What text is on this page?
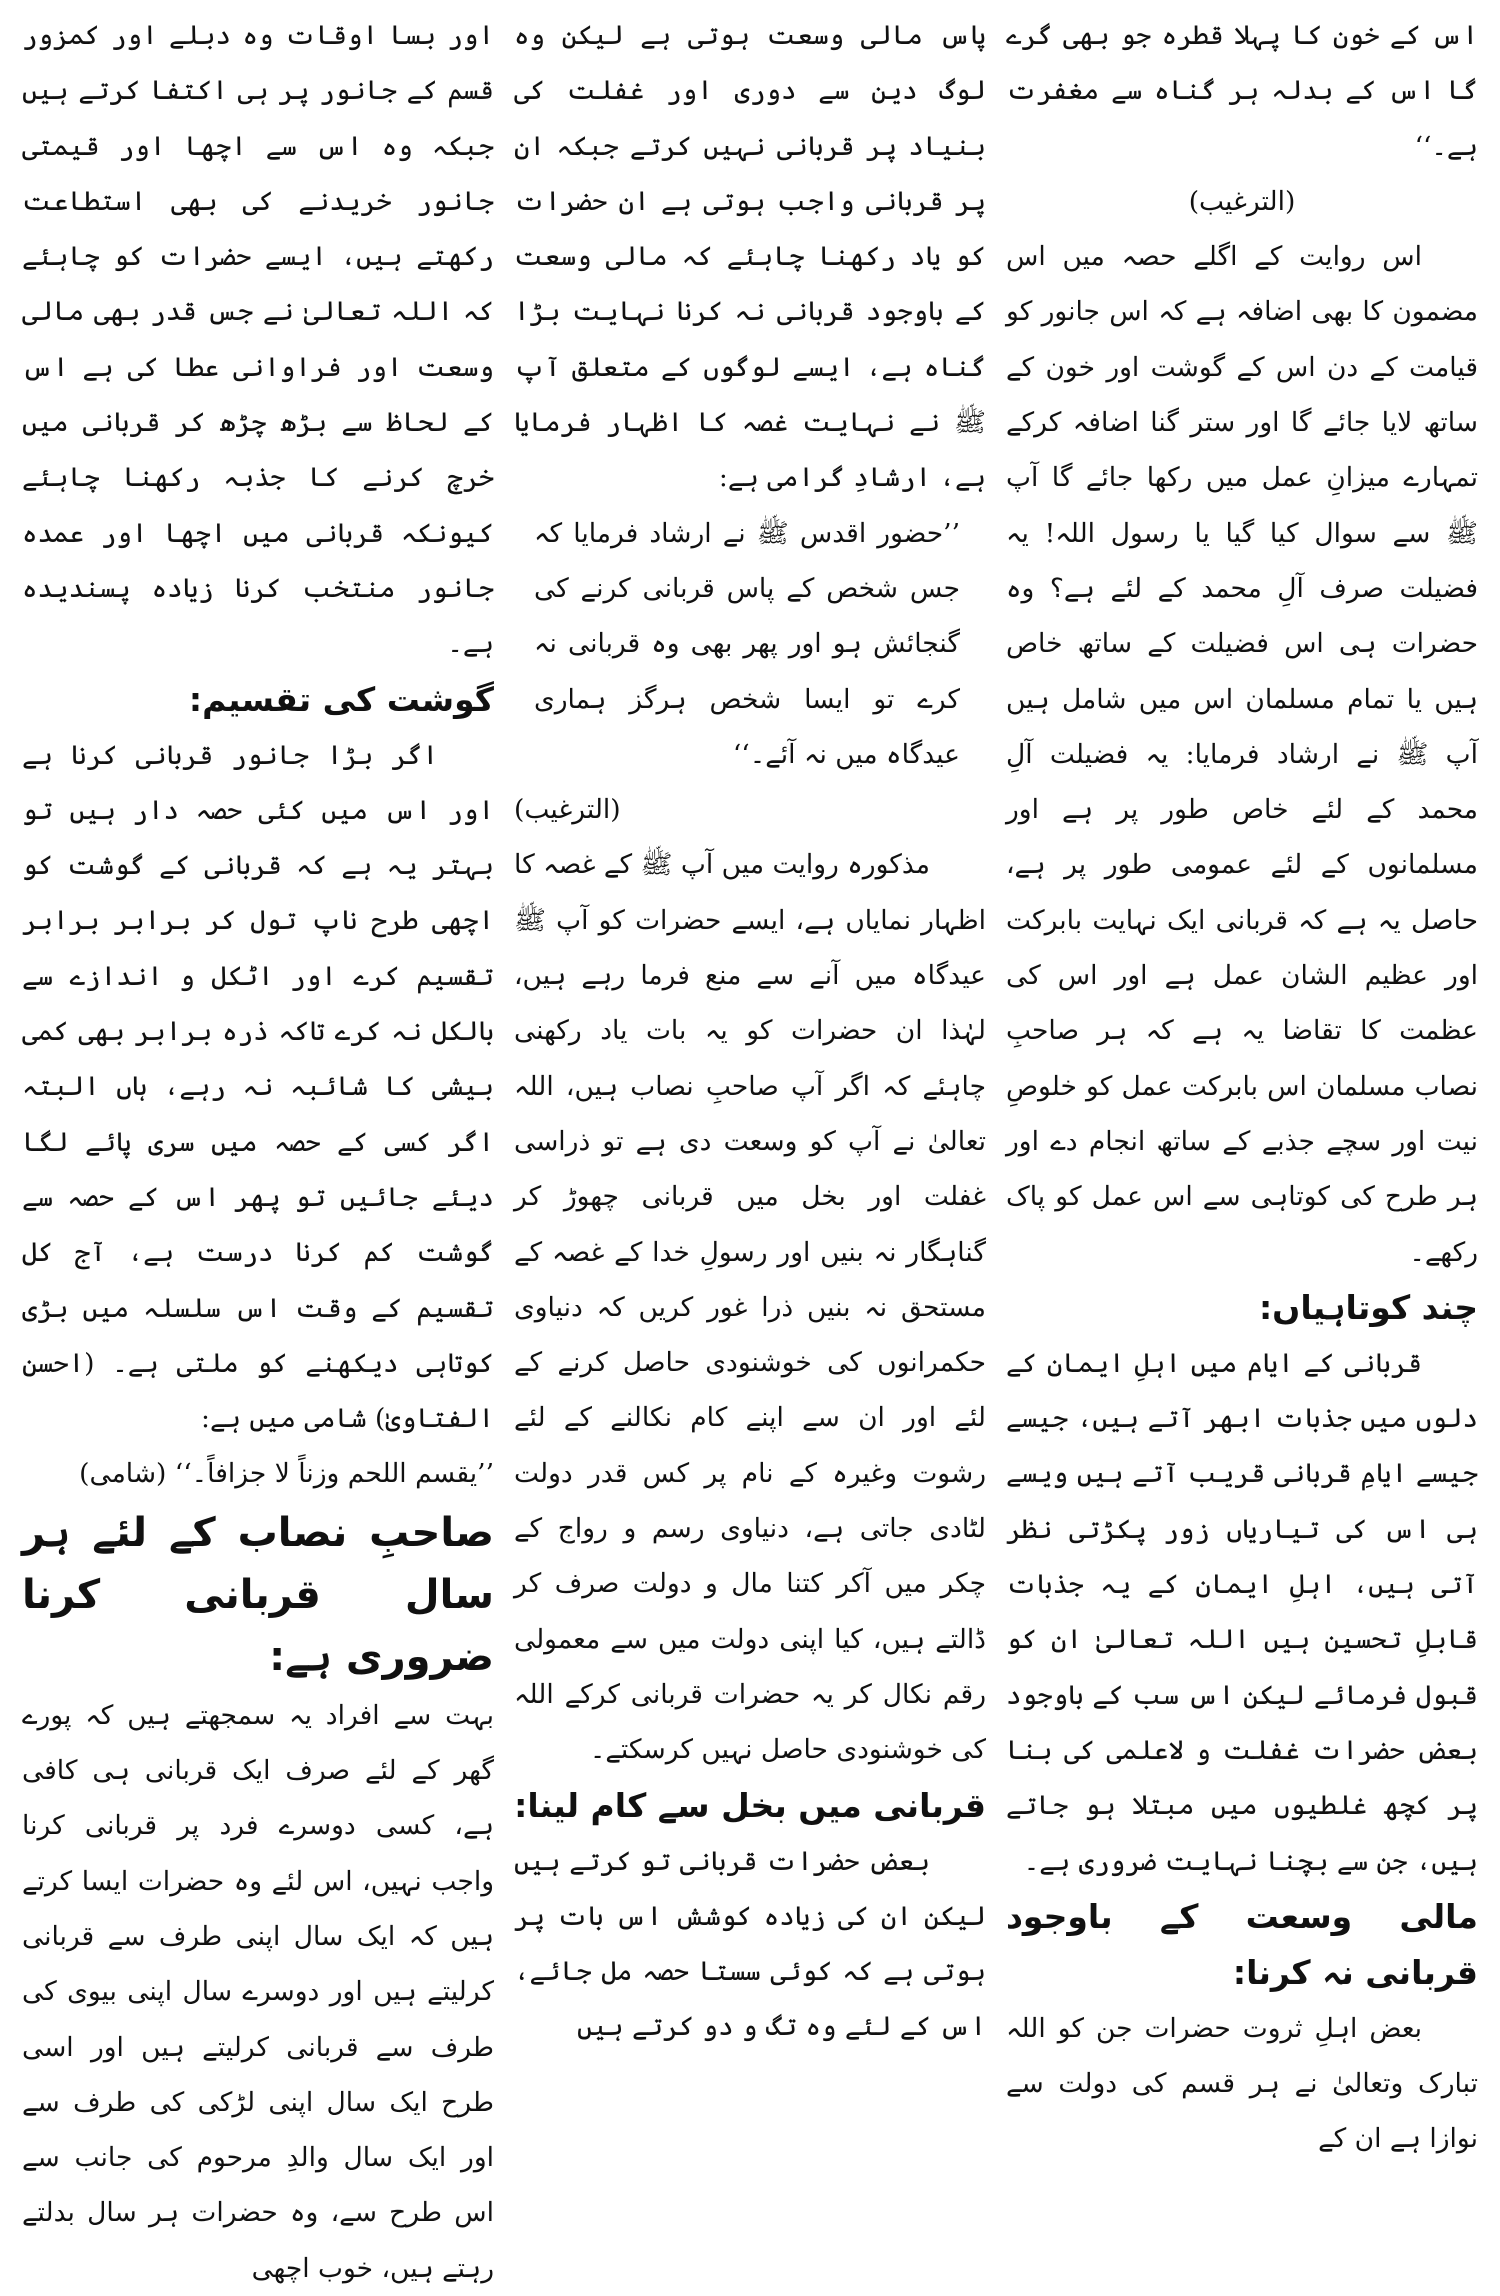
اس کے خون کا پہلا قطرہ جو بھی گرے گا اس کے بدلہ ہر گناہ سے مغفرت ہے۔‘‘

(الترغیب)

اس روایت کے اگلے حصہ میں اس مضمون کا بھی اضافہ ہے کہ اس جانور کو قیامت کے دن اس کے گوشت اور خون کے ساتھ لایا جائے گا اور ستر گنا اضافہ کرکے تمہارے میزانِ عمل میں رکھا جائے گا آپ ﷺ سے سوال کیا گیا یا رسول اللہ! یہ فضیلت صرف آلِ محمد کے لئے ہے؟ وہ حضرات ہی اس فضیلت کے ساتھ خاص ہیں یا تمام مسلمان اس میں شامل ہیں آپ ﷺ نے ارشاد فرمایا: یہ فضیلت آلِ محمد کے لئے خاص طور پر ہے اور مسلمانوں کے لئے عمومی طور پر ہے، حاصل یہ ہے کہ قربانی ایک نہایت بابرکت اور عظیم الشان عمل ہے اور اس کی عظمت کا تقاضا یہ ہے کہ ہر صاحبِ نصاب مسلمان اس بابرکت عمل کو خلوصِ نیت اور سچے جذبے کے ساتھ انجام دے اور ہر طرح کی کوتاہی سے اس عمل کو پاک رکھے۔

چند کوتاہیاں:

قربانی کے ایام میں اہلِ ایمان کے دلوں میں جذبات ابھر آتے ہیں، جیسے جیسے ایامِ قربانی قریب آتے ہیں ویسے ہی اس کی تیاریاں زور پکڑتی نظر آتی ہیں، اہلِ ایمان کے یہ جذبات قابلِ تحسین ہیں اللہ تعالیٰ ان کو قبول فرمائے لیکن اس سب کے باوجود بعض حضرات غفلت و لاعلمی کی بنا پر کچھ غلطیوں میں مبتلا ہو جاتے ہیں، جن سے بچنا نہایت ضروری ہے۔

مالی وسعت کے باوجود قربانی نہ کرنا:

بعض اہلِ ثروت حضرات جن کو اللہ تبارک وتعالیٰ نے ہر قسم کی دولت سے نوازا ہے ان کے

پاس مالی وسعت ہوتی ہے لیکن وہ لوگ دین سے دوری اور غفلت کی بنیاد پر قربانی نہیں کرتے جبکہ ان پر قربانی واجب ہوتی ہے ان حضرات کو یاد رکھنا چاہئے کہ مالی وسعت کے باوجود قربانی نہ کرنا نہایت بڑا گناہ ہے، ایسے لوگوں کے متعلق آپ ﷺ نے نہایت غصہ کا اظہار فرمایا ہے، ارشادِ گرامی ہے:

’’حضور اقدس ﷺ نے ارشاد فرمایا کہ جس شخص کے پاس قربانی کرنے کی گنجائش ہو اور پھر بھی وہ قربانی نہ کرے تو ایسا شخص ہرگز ہماری عیدگاہ میں نہ آئے۔‘‘

(الترغیب)

مذکورہ روایت میں آپ ﷺ کے غصہ کا اظہار نمایاں ہے، ایسے حضرات کو آپ ﷺ عیدگاہ میں آنے سے منع فرما رہے ہیں، لہٰذا ان حضرات کو یہ بات یاد رکھنی چاہئے کہ اگر آپ صاحبِ نصاب ہیں، اللہ تعالیٰ نے آپ کو وسعت دی ہے تو ذراسی غفلت اور بخل میں قربانی چھوڑ کر گناہگار نہ بنیں اور رسولِ خدا کے غصہ کے مستحق نہ بنیں ذرا غور کریں کہ دنیاوی حکمرانوں کی خوشنودی حاصل کرنے کے لئے اور ان سے اپنے کام نکالنے کے لئے رشوت وغیرہ کے نام پر کس قدر دولت لٹادی جاتی ہے، دنیاوی رسم و رواج کے چکر میں آکر کتنا مال و دولت صرف کر ڈالتے ہیں، کیا اپنی دولت میں سے معمولی رقم نکال کر یہ حضرات قربانی کرکے اللہ کی خوشنودی حاصل نہیں کرسکتے۔

قربانی میں بخل سے کام لینا:

بعض حضرات قربانی تو کرتے ہیں لیکن ان کی زیادہ کوشش اس بات پر ہوتی ہے کہ کوئی سستا حصہ مل جائے، اس کے لئے وہ تگ و دو کرتے ہیں

اور بسا اوقات وہ دبلے اور کمزور قسم کے جانور پر ہی اکتفا کرتے ہیں جبکہ وہ اس سے اچھا اور قیمتی جانور خریدنے کی بھی استطاعت رکھتے ہیں، ایسے حضرات کو چاہئے کہ اللہ تعالیٰ نے جس قدر بھی مالی وسعت اور فراوانی عطا کی ہے اس کے لحاظ سے بڑھ چڑھ کر قربانی میں خرچ کرنے کا جذبہ رکھنا چاہئے کیونکہ قربانی میں اچھا اور عمدہ جانور منتخب کرنا زیادہ پسندیدہ ہے۔

گوشت کی تقسیم:

اگر بڑا جانور قربانی کرنا ہے اور اس میں کئی حصہ دار ہیں تو بہتر یہ ہے کہ قربانی کے گوشت کو اچھی طرح ناپ تول کر برابر برابر تقسیم کرے اور اٹکل و اندازے سے بالکل نہ کرے تاکہ ذرہ برابر بھی کمی بیشی کا شائبہ نہ رہے، ہاں البتہ اگر کسی کے حصہ میں سری پائے لگا دیئے جائیں تو پھر اس کے حصہ سے گوشت کم کرنا درست ہے، آج کل تقسیم کے وقت اس سلسلہ میں بڑی کوتاہی دیکھنے کو ملتی ہے۔ (احسن الفتاویٰ) شامی میں ہے:

’’یقسم اللحم وزناً لا جزافاً۔‘‘ (شامی)

صاحبِ نصاب کے لئے ہر سال قربانی کرنا ضروری ہے:

بہت سے افراد یہ سمجھتے ہیں کہ پورے گھر کے لئے صرف ایک قربانی ہی کافی ہے، کسی دوسرے فرد پر قربانی کرنا واجب نہیں، اس لئے وہ حضرات ایسا کرتے ہیں کہ ایک سال اپنی طرف سے قربانی کرلیتے ہیں اور دوسرے سال اپنی بیوی کی طرف سے قربانی کرلیتے ہیں اور اسی طرح ایک سال اپنی لڑکی کی طرف سے اور ایک سال والدِ مرحوم کی جانب سے اس طرح سے، وہ حضرات ہر سال بدلتے رہتے ہیں، خوب اچھی
